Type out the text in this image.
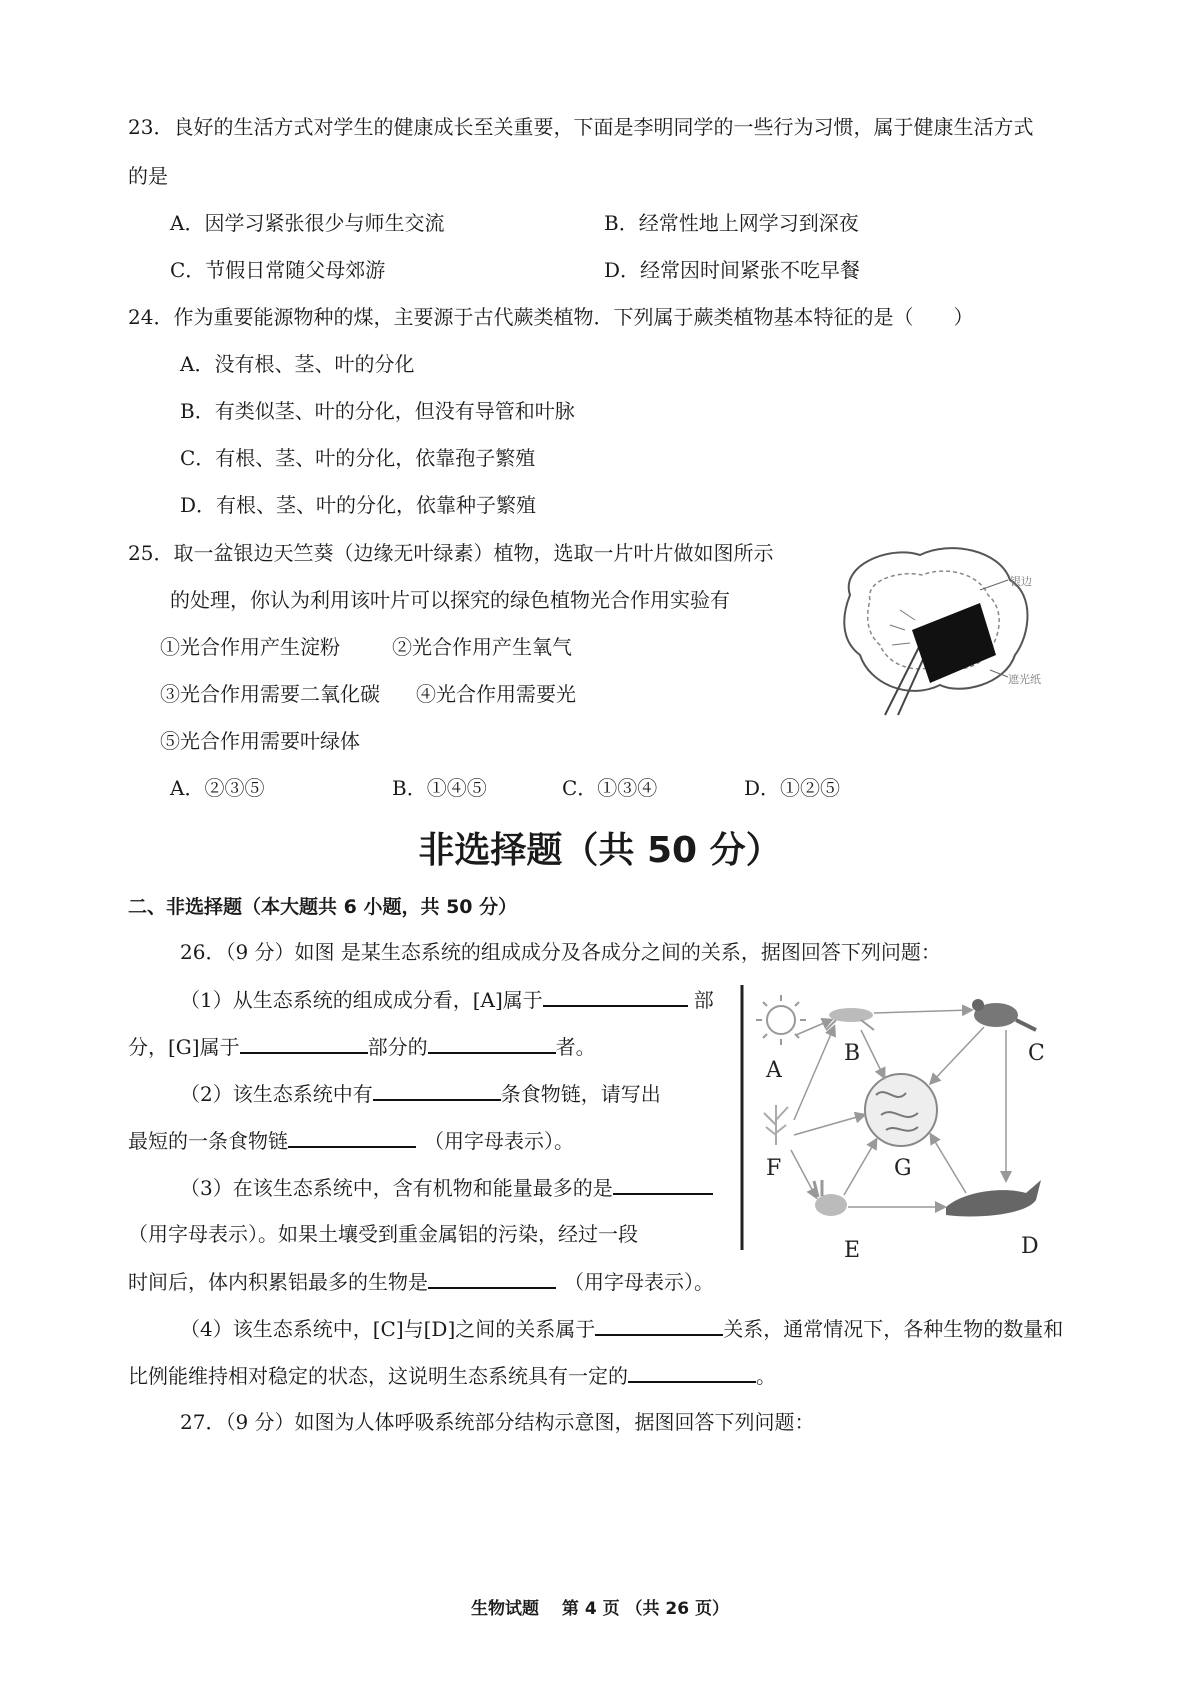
23．良好的生活方式对学生的健康成长至关重要，下面是李明同学的一些行为习惯，属于健康生活方式
的是
A．因学习紧张很少与师生交流	B．经常性地上网学习到深夜
C．节假日常随父母郊游	D．经常因时间紧张不吃早餐
24．作为重要能源物种的煤，主要源于古代蕨类植物．下列属于蕨类植物基本特征的是（　　）
A．没有根、茎、叶的分化
B．有类似茎、叶的分化，但没有导管和叶脉
C．有根、茎、叶的分化，依靠孢子繁殖
D．有根、茎、叶的分化，依靠种子繁殖
25．取一盆银边天竺葵（边缘无叶绿素）植物，选取一片叶片做如图所示
的处理，你认为利用该叶片可以探究的绿色植物光合作用实验有
①光合作用产生淀粉	②光合作用产生氧气
③光合作用需要二氧化碳 ④光合作用需要光
⑤光合作用需要叶绿体
A．②③⑤	B．①④⑤	C．①③④	D．①②⑤
银边
遮光纸
非选择题（共 50 分）
二、非选择题（本大题共 6 小题，共 50 分）
26．（9 分）如图 是某生态系统的组成成分及各成分之间的关系，据图回答下列问题：
（1）从生态系统的组成成分看，[A]属于	部
分，[G]属于	部分的	者。
（2）该生态系统中有	条食物链，请写出
最短的一条食物链	（用字母表示）。
（3）在该生态系统中，含有机物和能量最多的是
（用字母表示）。如果土壤受到重金属铝的污染，经过一段
时间后，体内积累铝最多的生物是	（用字母表示）。
（4）该生态系统中，[C]与[D]之间的关系属于	关系，通常情况下，各种生物的数量和
比例能维持相对稳定的状态，这说明生态系统具有一定的	。
A
B	C
D
E
F	G
27．（9 分）如图为人体呼吸系统部分结构示意图，据图回答下列问题：
生物试题　 第 4 页 （共 26 页）
